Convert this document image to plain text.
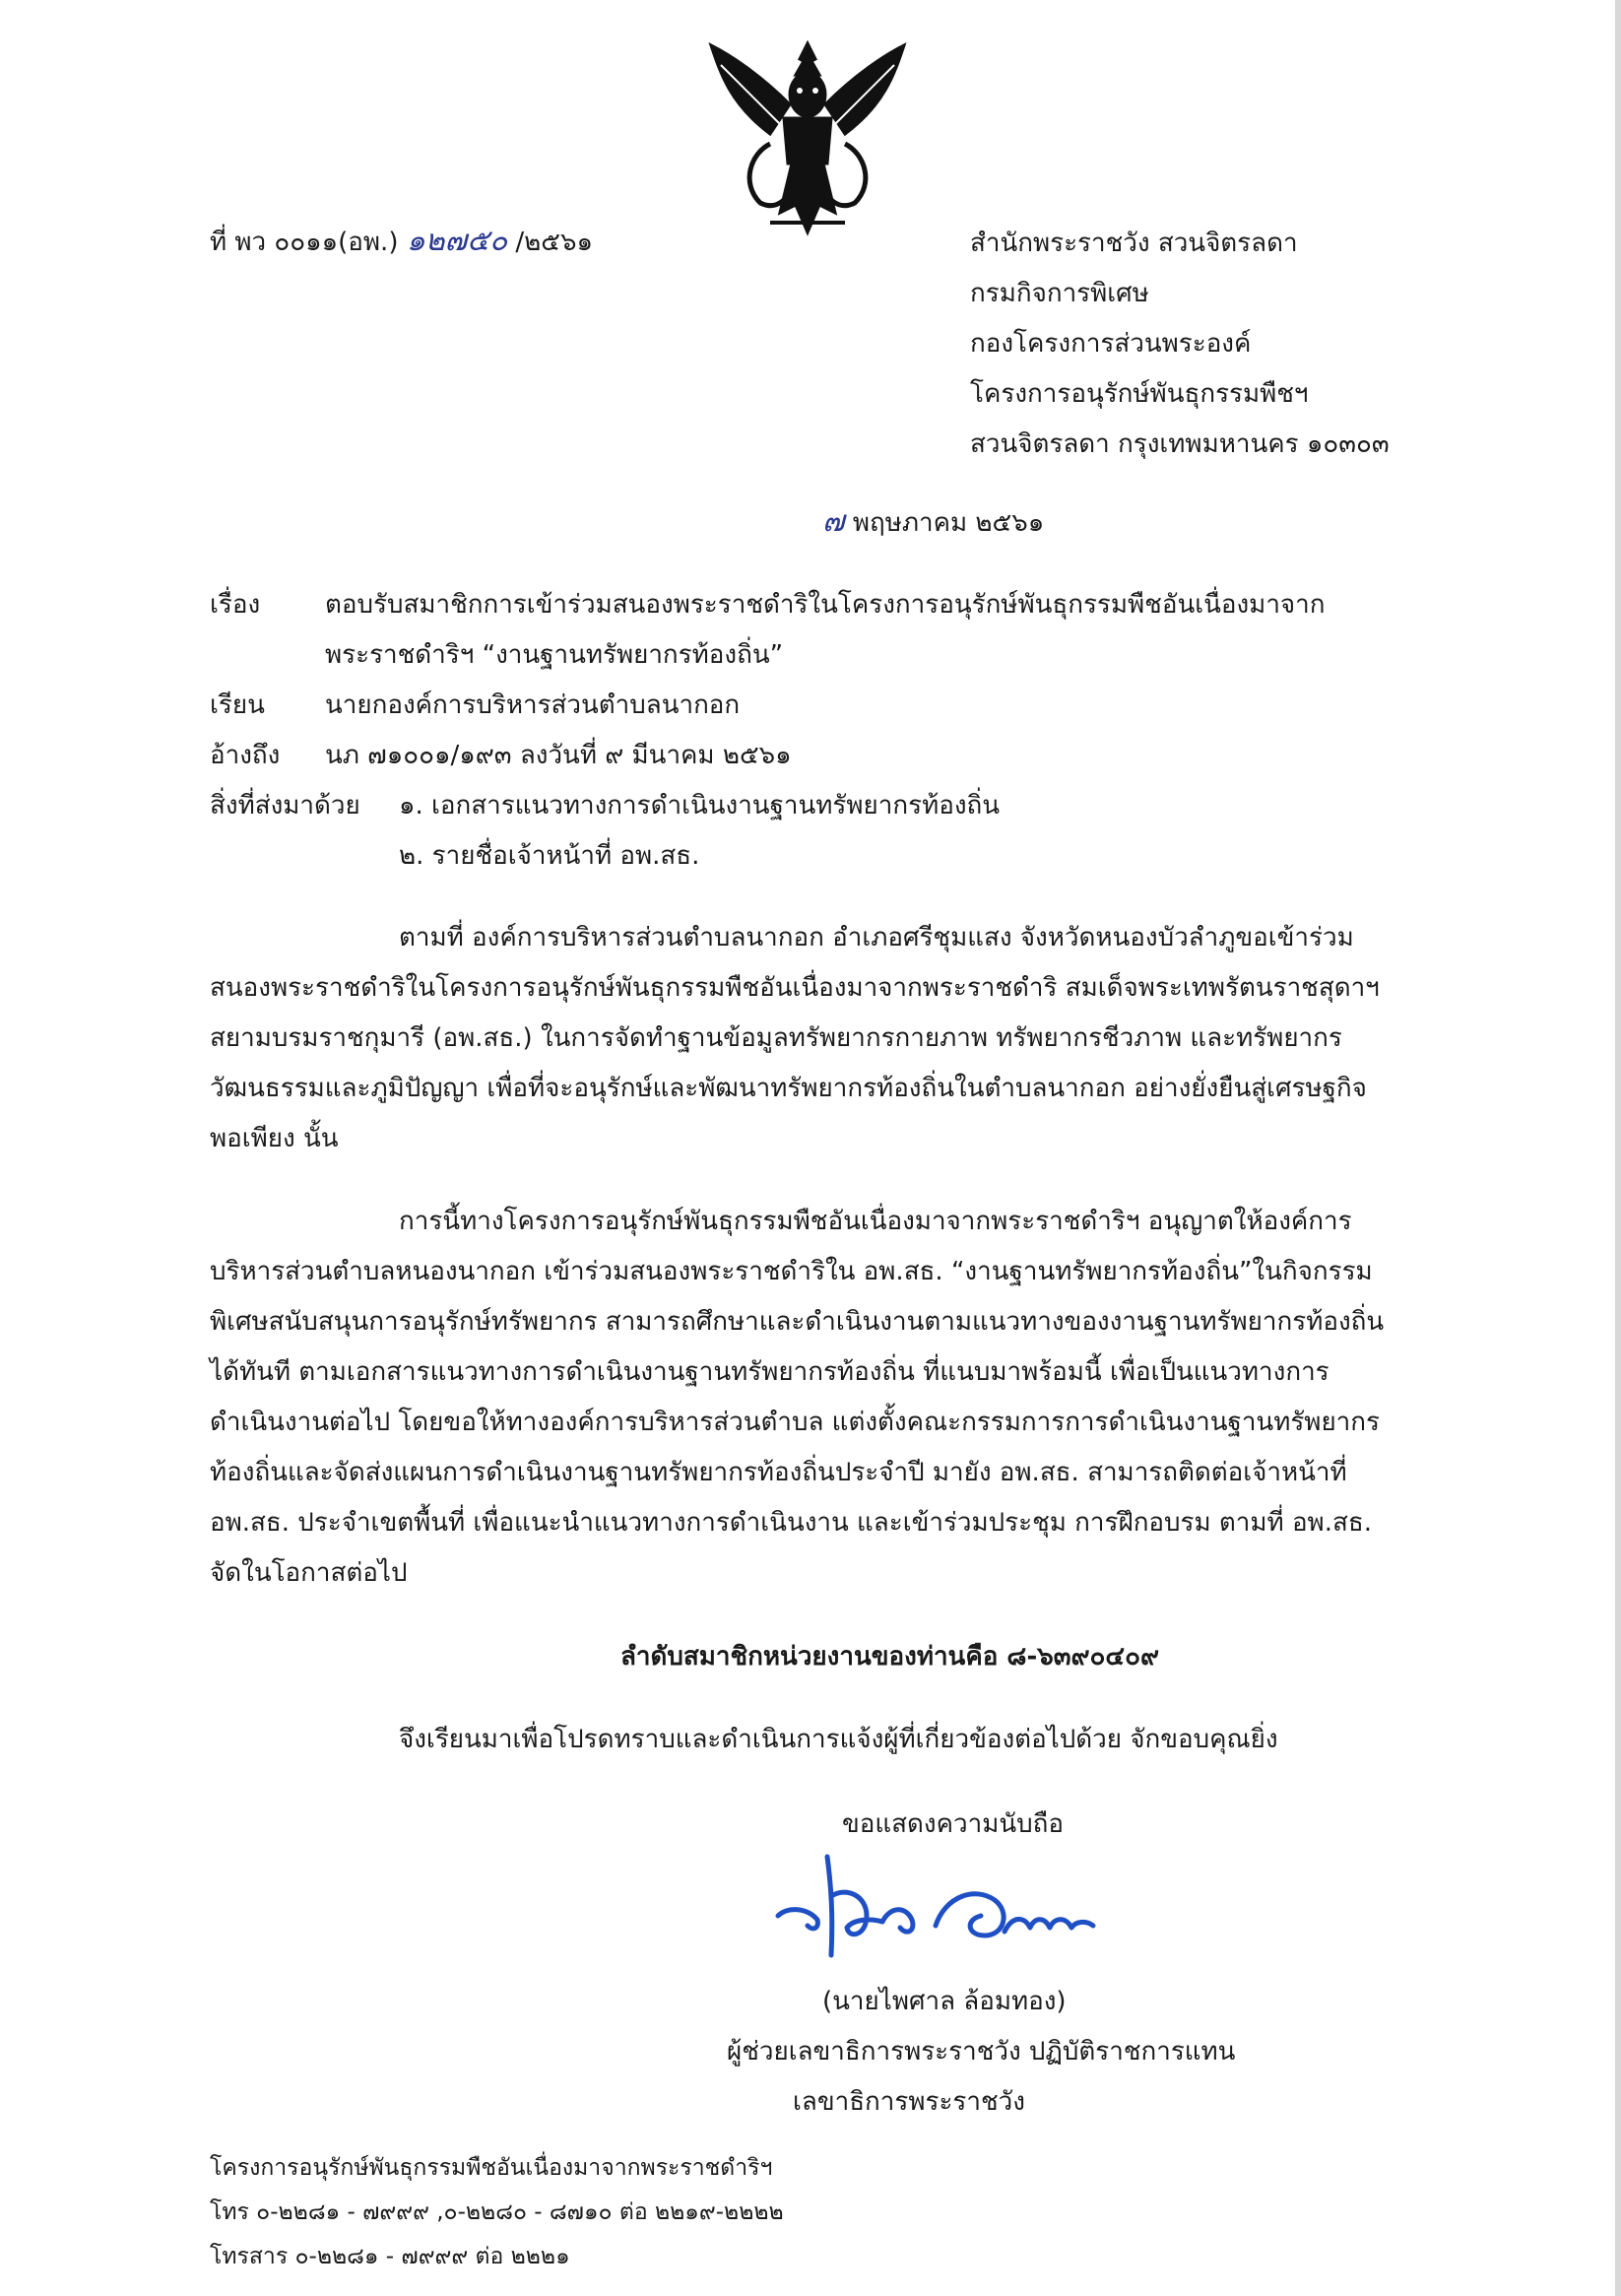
ที่ พว ๐๐๑๑(อพ.) ๑๒๗๕๐ /๒๕๖๑	สำนักพระราชวัง สวนจิตรลดา
กรมกิจการพิเศษ
กองโครงการส่วนพระองค์
โครงการอนุรักษ์พันธุกรรมพืชฯ
สวนจิตรลดา กรุงเทพมหานคร ๑๐๓๐๓
๗ พฤษภาคม ๒๕๖๑
เรื่อง	ตอบรับสมาชิกการเข้าร่วมสนองพระราชดำริในโครงการอนุรักษ์พันธุกรรมพืชอันเนื่องมาจาก
พระราชดำริฯ “งานฐานทรัพยากรท้องถิ่น”
เรียน นายกองค์การบริหารส่วนตำบลนากอก
อ้างถึง นภ ๗๑๐๐๑/๑๙๓ ลงวันที่ ๙ มีนาคม ๒๕๖๑
สิ่งที่ส่งมาด้วย ๑. เอกสารแนวทางการดำเนินงานฐานทรัพยากรท้องถิ่น
๒. รายชื่อเจ้าหน้าที่ อพ.สธ.
ตามที่ องค์การบริหารส่วนตำบลนากอก อำเภอศรีชุมแสง จังหวัดหนองบัวลำภูขอเข้าร่วม
สนองพระราชดำริในโครงการอนุรักษ์พันธุกรรมพืชอันเนื่องมาจากพระราชดำริ สมเด็จพระเทพรัตนราชสุดาฯ
สยามบรมราชกุมารี (อพ.สธ.) ในการจัดทำฐานข้อมูลทรัพยากรกายภาพ ทรัพยากรชีวภาพ และทรัพยากร
วัฒนธรรมและภูมิปัญญา เพื่อที่จะอนุรักษ์และพัฒนาทรัพยากรท้องถิ่นในตำบลนากอก อย่างยั่งยืนสู่เศรษฐกิจ
พอเพียง นั้น
การนี้ทางโครงการอนุรักษ์พันธุกรรมพืชอันเนื่องมาจากพระราชดำริฯ อนุญาตให้องค์การ
บริหารส่วนตำบลหนองนากอก เข้าร่วมสนองพระราชดำริใน อพ.สธ. “งานฐานทรัพยากรท้องถิ่น”ในกิจกรรม
พิเศษสนับสนุนการอนุรักษ์ทรัพยากร สามารถศึกษาและดำเนินงานตามแนวทางของงานฐานทรัพยากรท้องถิ่น
ได้ทันที ตามเอกสารแนวทางการดำเนินงานฐานทรัพยากรท้องถิ่น ที่แนบมาพร้อมนี้ เพื่อเป็นแนวทางการ
ดำเนินงานต่อไป โดยขอให้ทางองค์การบริหารส่วนตำบล แต่งตั้งคณะกรรมการการดำเนินงานฐานทรัพยากร
ท้องถิ่นและจัดส่งแผนการดำเนินงานฐานทรัพยากรท้องถิ่นประจำปี มายัง อพ.สธ. สามารถติดต่อเจ้าหน้าที่
อพ.สธ. ประจำเขตพื้นที่ เพื่อแนะนำแนวทางการดำเนินงาน และเข้าร่วมประชุม การฝึกอบรม ตามที่ อพ.สธ.
จัดในโอกาสต่อไป
ลำดับสมาชิกหน่วยงานของท่านคือ ๘-๖๓๙๐๔๐๙
จึงเรียนมาเพื่อโปรดทราบและดำเนินการแจ้งผู้ที่เกี่ยวข้องต่อไปด้วย จักขอบคุณยิ่ง
ขอแสดงความนับถือ
(นายไพศาล ล้อมทอง)
ผู้ช่วยเลขาธิการพระราชวัง ปฏิบัติราชการแทน
เลขาธิการพระราชวัง
โครงการอนุรักษ์พันธุกรรมพืชอันเนื่องมาจากพระราชดำริฯ
โทร ๐-๒๒๘๑ - ๗๙๙๙ ,๐-๒๒๘๐ - ๘๗๑๐ ต่อ ๒๒๑๙-๒๒๒๒
โทรสาร ๐-๒๒๘๑ - ๗๙๙๙ ต่อ ๒๒๒๑
